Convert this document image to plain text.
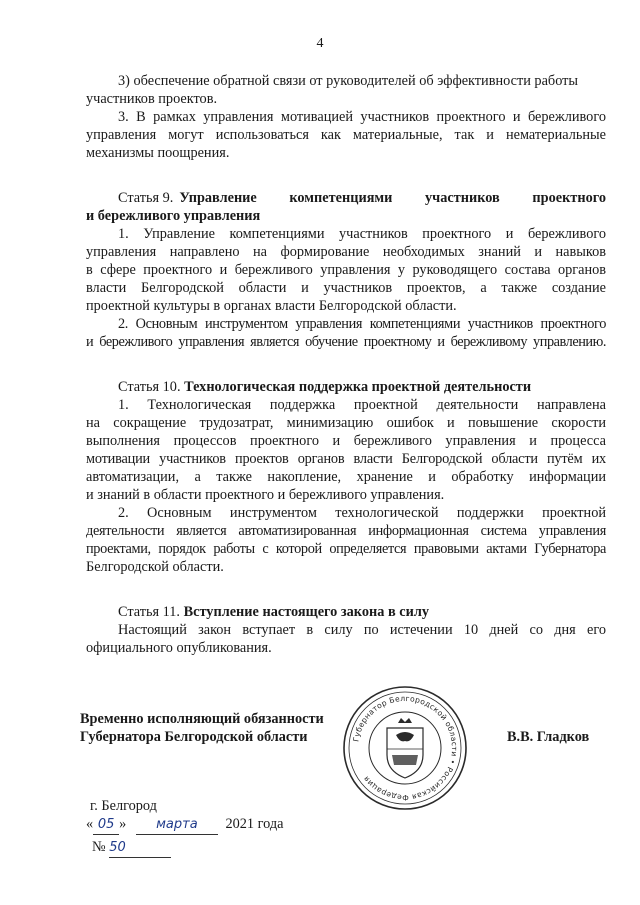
4
3) обеспечение обратной связи от руководителей об эффективности работы
участников проектов.
3. В рамках управления мотивацией участников проектного и бережливого
управления могут использоваться как материальные, так и нематериальные
механизмы поощрения.
Статья 9. Управление компетенциями участников проектного
и бережливого управления
1. Управление компетенциями участников проектного и бережливого
управления направлено на формирование необходимых знаний и навыков
в сфере проектного и бережливого управления у руководящего состава органов
власти Белгородской области и участников проектов, а также создание
проектной культуры в органах власти Белгородской области.
2. Основным инструментом управления компетенциями участников проектного
и бережливого управления является обучение проектному и бережливому управлению.
Статья 10. Технологическая поддержка проектной деятельности
1. Технологическая поддержка проектной деятельности направлена
на сокращение трудозатрат, минимизацию ошибок и повышение скорости
выполнения процессов проектного и бережливого управления и процесса
мотивации участников проектов органов власти Белгородской области путём их
автоматизации, а также накопление, хранение и обработку информации
и знаний в области проектного и бережливого управления.
2. Основным инструментом технологической поддержки проектной
деятельности является автоматизированная информационная система управления
проектами, порядок работы с которой определяется правовыми актами Губернатора
Белгородской области.
Статья 11. Вступление настоящего закона в силу
Настоящий закон вступает в силу по истечении 10 дней со дня его
официального опубликования.
Временно исполняющий обязанности
Губернатора Белгородской области	В.В. Гладков
Губернатор Белгородской области • Российская Федерация
г. Белгород
« 05 » марта 2021 года
№ 50
